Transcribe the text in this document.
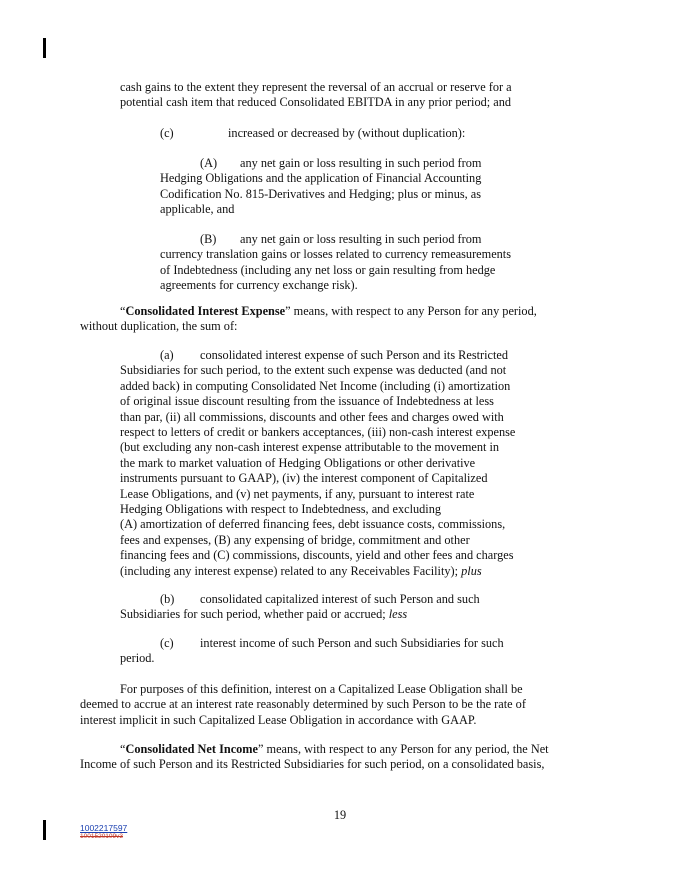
cash gains to the extent they represent the reversal of an accrual or reserve for a
potential cash item that reduced Consolidated EBITDA in any prior period; and
(c)	increased or decreased by (without duplication):
(A) any net gain or loss resulting in such period from
Hedging Obligations and the application of Financial Accounting
Codification No. 815-Derivatives and Hedging; plus or minus, as
applicable, and
(B) any net gain or loss resulting in such period from
currency translation gains or losses related to currency remeasurements
of Indebtedness (including any net loss or gain resulting from hedge
agreements for currency exchange risk).
“Consolidated Interest Expense” means, with respect to any Person for any period,
without duplication, the sum of:
(a) consolidated interest expense of such Person and its Restricted
Subsidiaries for such period, to the extent such expense was deducted (and not
added back) in computing Consolidated Net Income (including (i) amortization
of original issue discount resulting from the issuance of Indebtedness at less
than par, (ii) all commissions, discounts and other fees and charges owed with
respect to letters of credit or bankers acceptances, (iii) non-cash interest expense
(but excluding any non-cash interest expense attributable to the movement in
the mark to market valuation of Hedging Obligations or other derivative
instruments pursuant to GAAP), (iv) the interest component of Capitalized
Lease Obligations, and (v) net payments, if any, pursuant to interest rate
Hedging Obligations with respect to Indebtedness, and excluding
(A) amortization of deferred financing fees, debt issuance costs, commissions,
fees and expenses, (B) any expensing of bridge, commitment and other
financing fees and (C) commissions, discounts, yield and other fees and charges
(including any interest expense) related to any Receivables Facility); plus
(b) consolidated capitalized interest of such Person and such
Subsidiaries for such period, whether paid or accrued; less
(c) interest income of such Person and such Subsidiaries for such
period.
For purposes of this definition, interest on a Capitalized Lease Obligation shall be
deemed to accrue at an interest rate reasonably determined by such Person to be the rate of
interest implicit in such Capitalized Lease Obligation in accordance with GAAP.
“Consolidated Net Income” means, with respect to any Person for any period, the Net
Income of such Person and its Restricted Subsidiaries for such period, on a consolidated basis,
19
1002217597
1001520109v3
